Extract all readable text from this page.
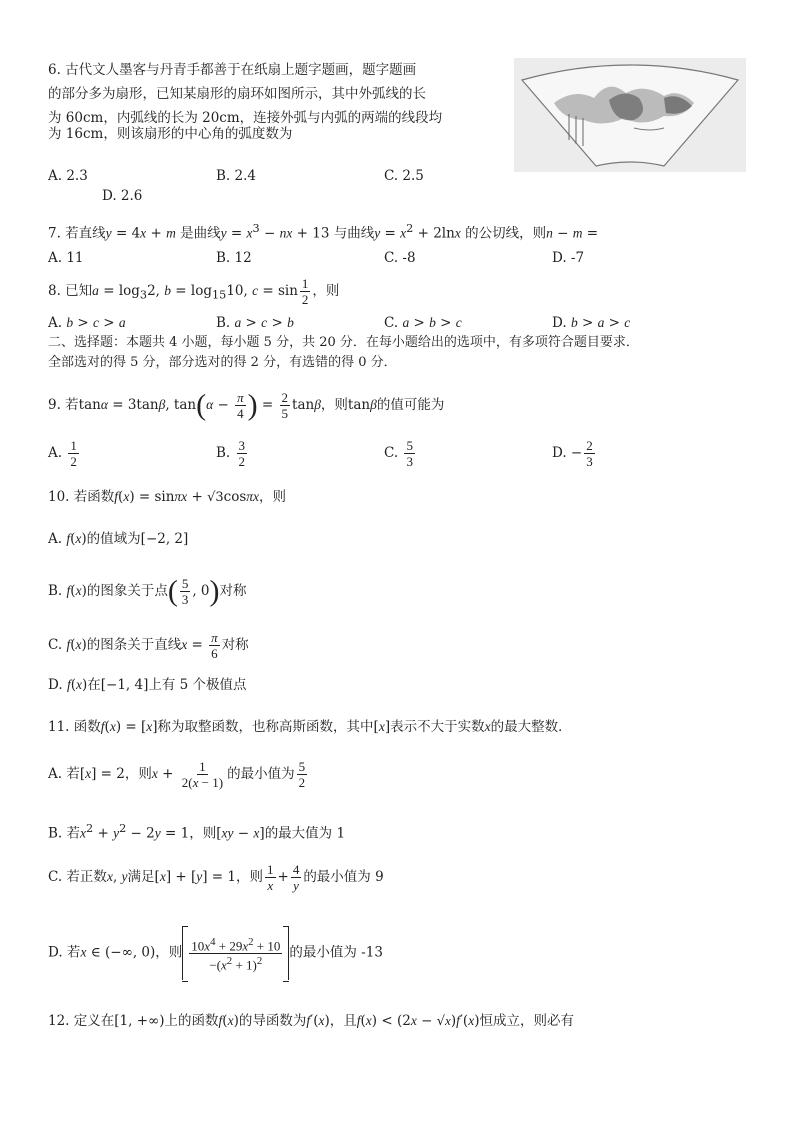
6. 古代文人墨客与丹青手都善于在纸扇上题字题画，题字题画
的部分多为扇形，已知某扇形的扇环如图所示，其中外弧线的长
为 60cm，内弧线的长为 20cm，连接外弧与内弧的两端的线段均
为 16cm，则该扇形的中心角的弧度数为
A. 2.3	B. 2.4	C. 2.5
D. 2.6
7. 若直线y = 4x + m 是曲线$y = x^3$ − nx + 13 与曲线$y = x^2 + 2\ln x$ 的公切线，则n − m =
A. 11	B. 12	C. -8	D. -7
8. 已知$a = \log_32$, $b = \log_{15}10$, $c = \sin \frac{1}{2}$ ，则
A. b > c > a	B. a > c > b	C. a > b > c	D. b > a > c
二、选择题：本题共 4 小题，每小题 5 分，共 20 分．在每小题给出的选项中，有多项符合题目要求．
全部选对的得 5 分，部分选对的得 2 分，有选错的得 0 分．
9. 若tanα = 3tanβ, $\tan(\alpha - \frac{\pi}{4}$ ) = $\frac{2}{5}$ tanβ，则tanβ的值可能为
A. $\frac{1}{2}$	B. $\frac{3}{2}$	C. $\frac{5}{3}$	D. − $\frac{2}{3}$
10. 若函数f(x) = sinπx + √3cosπx，则
A. f(x)的值域为[−2, 2]
B. f(x)的图象关于点( $\frac{5}{3}$ , 0)对称
C. f(x)的图条关于直线$x = \frac{\pi}{6}$ 对称
D. f(x)在[−1, 4]上有 5 个极值点
11. 函数f(x) = [x]称为取整函数，也称高斯函数，其中[x]表示不大于实数x的最大整数．
A. 若[x] = 2，则$x + \frac{1}{2(x - 1)}$ 的最小值为 $\frac{5}{2}$
B. 若$x^2 + y^2 - 2y = 1$，则[xy − x]的最大值为 1
C. 若正数x, y满足[x] + [y] = 1，则 $\frac{1}{x} + \frac{4}{y}$ 的最小值为 9
D. 若x ∈ (−∞, 0)，则 $\frac{10x^4 + 29x^2 + 10}{-(x^2 + 1)^2}$ 的最小值为 -13
12. 定义在[1, +∞)上的函数f(x)的导函数为f′(x)，且f(x) < (2x − √x)f′(x)恒成立，则必有
